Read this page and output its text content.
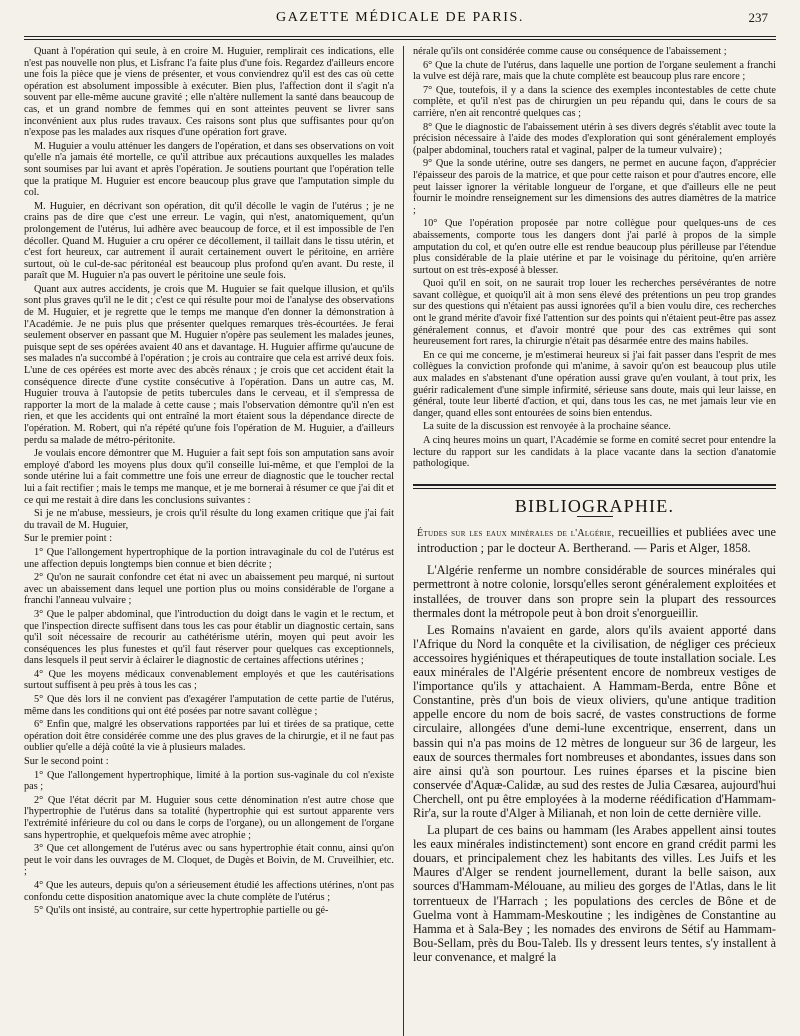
GAZETTE MÉDICALE DE PARIS.	237

Quant à l'opération qui seule, à en croire M. Huguier, remplirait ces indications, elle n'est pas nouvelle non plus, et Lisfranc l'a faite plus d'une fois. Regardez d'ailleurs encore une fois la pièce que je viens de présenter, et vous conviendrez qu'il est des cas où cette opération est absolument impossible à exécuter. Bien plus, l'affection dont il s'agit n'a souvent par elle-même aucune gravité ; elle n'altère nullement la santé dans beaucoup de cas, et un grand nombre de femmes qui en sont atteintes peuvent se livrer sans inconvénient aux plus rudes travaux. Ces raisons sont plus que suffisantes pour qu'on n'expose pas les malades aux risques d'une opération fort grave.

M. Huguier a voulu atténuer les dangers de l'opération, et dans ses observations on voit qu'elle n'a jamais été mortelle, ce qu'il attribue aux précautions auxquelles les malades sont soumises par lui avant et après l'opération. Je soutiens pourtant que l'opération telle que la pratique M. Huguier est encore beaucoup plus grave que l'amputation simple du col.

M. Huguier, en décrivant son opération, dit qu'il décolle le vagin de l'utérus ; je ne crains pas de dire que c'est une erreur. Le vagin, qui n'est, anatomiquement, qu'un prolongement de l'utérus, lui adhère avec beaucoup de force, et il est impossible de l'en décoller. Quand M. Huguier a cru opérer ce décollement, il taillait dans le tissu utérin, et c'est fort heureux, car autrement il aurait certainement ouvert le péritoine, en arrière surtout, où le cul-de-sac péritonéal est beaucoup plus profond qu'en avant. Du reste, il paraît que M. Huguier n'a pas ouvert le péritoine une seule fois.

Quant aux autres accidents, je crois que M. Huguier se fait quelque illusion, et qu'ils sont plus graves qu'il ne le dit ; c'est ce qui résulte pour moi de l'analyse des observations de M. Huguier, et je regrette que le temps me manque d'en donner la démonstration à l'Académie. Je ne puis plus que présenter quelques remarques très-écourtées. Je ferai seulement observer en passant que M. Huguier n'opère pas seulement les malades jeunes, puisque sept de ses opérées avaient 40 ans et davantage. H. Huguier affirme qu'aucune de ses malades n'a succombé à l'opération ; je crois au contraire que cela est arrivé deux fois. L'une de ces opérées est morte avec des abcès rénaux ; je crois que cet accident était la conséquence directe d'une cystite consécutive à l'opération. Dans un autre cas, M. Huguier trouva à l'autopsie de petits tubercules dans le cerveau, et il s'empressa de rapporter la mort de la malade à cette cause ; mais l'observation démontre qu'il n'en est rien, et que les accidents qui ont entraîné la mort étaient sous la dépendance directe de l'opération. M. Robert, qui n'a répété qu'une fois l'opération de M. Huguier, a d'ailleurs perdu sa malade de métro-péritonite.

Je voulais encore démontrer que M. Huguier a fait sept fois son amputation sans avoir employé d'abord les moyens plus doux qu'il conseille lui-même, et que l'emploi de la sonde utérine lui a fait commettre une fois une erreur de diagnostic que le toucher rectal lui a fait rectifier ; mais le temps me manque, et je me bornerai à résumer ce que j'ai dit et ce qui me restait à dire dans les conclusions suivantes :

Si je ne m'abuse, messieurs, je crois qu'il résulte du long examen critique que j'ai fait du travail de M. Huguier,

Sur le premier point :

1° Que l'allongement hypertrophique de la portion intravaginale du col de l'utérus est une affection depuis longtemps bien connue et bien décrite ;

2° Qu'on ne saurait confondre cet état ni avec un abaissement peu marqué, ni surtout avec un abaissement dans lequel une portion plus ou moins considérable de l'organe a franchi l'anneau vulvaire ;

3° Que le palper abdominal, que l'introduction du doigt dans le vagin et le rectum, et que l'inspection directe suffisent dans tous les cas pour établir un diagnostic certain, sans qu'il soit nécessaire de recourir au cathétérisme utérin, moyen qui peut avoir les conséquences les plus funestes et qu'il faut réserver pour quelques cas exceptionnels, dans lesquels il peut servir à éclairer le diagnostic de certaines affections utérines ;

4° Que les moyens médicaux convenablement employés et que les cautérisations surtout suffisent à peu près à tous les cas ;

5° Que dès lors il ne convient pas d'exagérer l'amputation de cette partie de l'utérus, même dans les conditions qui ont été posées par notre savant collègue ;

6° Enfin que, malgré les observations rapportées par lui et tirées de sa pratique, cette opération doit être considérée comme une des plus graves de la chirurgie, et il ne faut pas oublier qu'elle a déjà coûté la vie à plusieurs malades.

Sur le second point :

1° Que l'allongement hypertrophique, limité à la portion sus-vaginale du col n'existe pas ;

2° Que l'état décrit par M. Huguier sous cette dénomination n'est autre chose que l'hypertrophie de l'utérus dans sa totalité (hypertrophie qui est surtout apparente vers l'extrémité inférieure du col ou dans le corps de l'organe), ou un allongement de l'organe sans hypertrophie, et quelquefois même avec atrophie ;

3° Que cet allongement de l'utérus avec ou sans hypertrophie était connu, ainsi qu'on peut le voir dans les ouvrages de M. Cloquet, de Dugès et Boivin, de M. Cruveilhier, etc. ;

4° Que les auteurs, depuis qu'on a sérieusement étudié les affections utérines, n'ont pas confondu cette disposition anatomique avec la chute complète de l'utérus ;

5° Qu'ils ont insisté, au contraire, sur cette hypertrophie partielle ou gé-

nérale qu'ils ont considérée comme cause ou conséquence de l'abaissement ;

6° Que la chute de l'utérus, dans laquelle une portion de l'organe seulement a franchi la vulve est déjà rare, mais que la chute complète est beaucoup plus rare encore ;

7° Que, toutefois, il y a dans la science des exemples incontestables de cette chute complète, et qu'il n'est pas de chirurgien un peu répandu qui, dans le cours de sa carrière, n'en ait rencontré quelques cas ;

8° Que le diagnostic de l'abaissement utérin à ses divers degrés s'établit avec toute la précision nécessaire à l'aide des modes d'exploration qui sont généralement employés (palper abdominal, touchers ratal et vaginal, palper de la tumeur vulvaire) ;

9° Que la sonde utérine, outre ses dangers, ne permet en aucune façon, d'apprécier l'épaisseur des parois de la matrice, et que pour cette raison et pour d'autres encore, elle peut laisser ignorer la véritable longueur de l'organe, et que d'ailleurs elle ne peut fournir le moindre renseignement sur les dimensions des autres diamètres de la matrice ;

10° Que l'opération proposée par notre collègue pour quelques-uns de ces abaissements, comporte tous les dangers dont j'ai parlé à propos de la simple amputation du col, et qu'en outre elle est rendue beaucoup plus périlleuse par l'étendue plus considérable de la plaie utérine et par le voisinage du péritoine, qu'en arrière surtout on est très-exposé à blesser.

Quoi qu'il en soit, on ne saurait trop louer les recherches persévérantes de notre savant collègue, et quoiqu'il ait à mon sens élevé des prétentions un peu trop grandes sur des questions qui n'étaient pas aussi ignorées qu'il a bien voulu dire, ces recherches ont le grand mérite d'avoir fixé l'attention sur des points qui n'étaient peut-être pas assez généralement connus, et d'avoir montré que pour des cas extrêmes qui sont heureusement fort rares, la chirurgie n'était pas désarmée entre des mains habiles.

En ce qui me concerne, je m'estimerai heureux si j'ai fait passer dans l'esprit de mes collègues la conviction profonde qui m'anime, à savoir qu'on est beaucoup plus utile aux malades en s'abstenant d'une opération aussi grave qu'en voulant, à tout prix, les guérir radicalement d'une simple infirmité, sérieuse sans doute, mais qui leur laisse, en général, toute leur liberté d'action, et qui, dans tous les cas, ne met jamais leur vie en danger, quand elles sont entourées de soins bien entendus.

La suite de la discussion est renvoyée à la prochaine séance.

A cinq heures moins un quart, l'Académie se forme en comité secret pour entendre la lecture du rapport sur les candidats à la place vacante dans la section d'anatomie pathologique.

BIBLIOGRAPHIE.

Études sur les eaux minérales de l'Algérie, recueillies et publiées avec une introduction ; par le docteur A. Bertherand. — Paris et Alger, 1858.

L'Algérie renferme un nombre considérable de sources minérales qui permettront à notre colonie, lorsqu'elles seront généralement exploitées et installées, de trouver dans son propre sein la plupart des ressources thermales dont la métropole peut à bon droit s'enorgueillir.

Les Romains n'avaient en garde, alors qu'ils avaient apporté dans l'Afrique du Nord la conquête et la civilisation, de négliger ces précieux accessoires hygiéniques et thérapeutiques de toute installation sociale. Les eaux minérales de l'Algérie présentent encore de nombreux vestiges de l'importance qu'ils y attachaient. A Hammam-Berda, entre Bône et Constantine, près d'un bois de vieux oliviers, qu'une antique tradition appelle encore du nom de bois sacré, de vastes constructions de forme circulaire, allongées d'une demi-lune excentrique, enserrent, dans un bassin qui n'a pas moins de 12 mètres de longueur sur 36 de largeur, les eaux de sources thermales fort nombreuses et abondantes, issues dans son aire ainsi qu'à son pourtour. Les ruines éparses et la piscine bien conservée d'Aquæ-Calidæ, au sud des restes de Julia Cæsarea, aujourd'hui Cherchell, ont pu être employées à la moderne réédification d'Hammam-Rir'a, sur la route d'Alger à Milianah, et non loin de cette dernière ville.

La plupart de ces bains ou hammam (les Arabes appellent ainsi toutes les eaux minérales indistinctement) sont encore en grand crédit parmi les douars, et principalement chez les habitants des villes. Les Juifs et les Maures d'Alger se rendent journellement, durant la belle saison, aux sources d'Hammam-Mélouane, au milieu des gorges de l'Atlas, dans le lit torrentueux de l'Harrach ; les populations des cercles de Bône et de Guelma vont à Hammam-Meskoutine ; les indigènes de Constantine au Hamma et à Sala-Bey ; les nomades des environs de Sétif au Hammam-Bou-Sellam, près du Bou-Taleb. Ils y dressent leurs tentes, s'y installent à leur convenance, et malgré la
